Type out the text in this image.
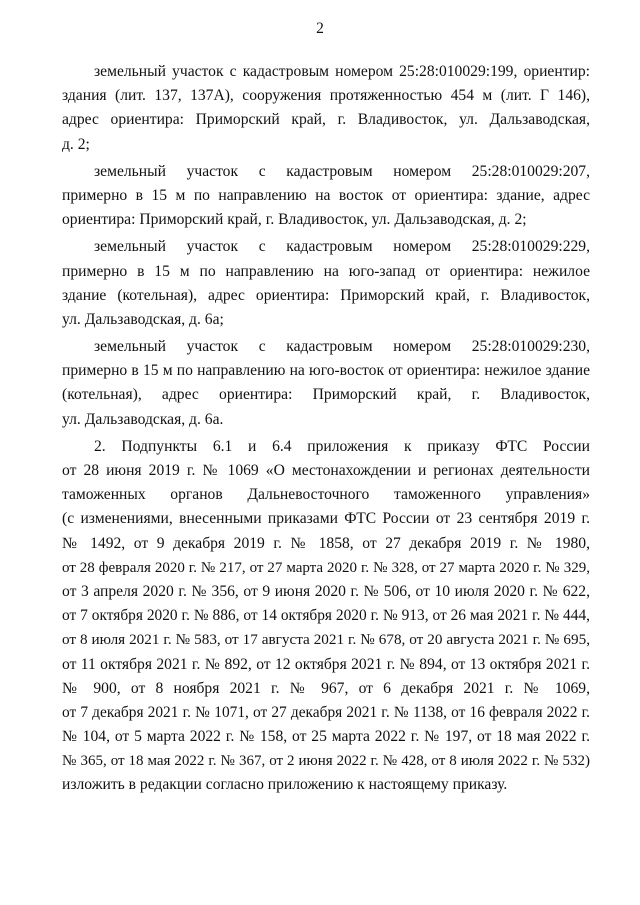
2
земельный участок с кадастровым номером 25:28:010029:199, ориентир:
здания (лит. 137, 137А), сооружения протяженностью 454 м (лит. Г 146),
адрес ориентира: Приморский край, г. Владивосток, ул. Дальзаводская,
д. 2;
земельный участок с кадастровым номером 25:28:010029:207,
примерно в 15 м по направлению на восток от ориентира: здание, адрес
ориентира: Приморский край, г. Владивосток, ул. Дальзаводская, д. 2;
земельный участок с кадастровым номером 25:28:010029:229,
примерно в 15 м по направлению на юго-запад от ориентира: нежилое
здание (котельная), адрес ориентира: Приморский край, г. Владивосток,
ул. Дальзаводская, д. 6а;
земельный участок с кадастровым номером 25:28:010029:230,
примерно в 15 м по направлению на юго-восток от ориентира: нежилое здание
(котельная), адрес ориентира: Приморский край, г. Владивосток,
ул. Дальзаводская, д. 6а.
2. Подпункты 6.1 и 6.4 приложения к приказу ФТС России
от 28 июня 2019 г. № 1069 «О местонахождении и регионах деятельности
таможенных органов Дальневосточного таможенного управления»
(с изменениями, внесенными приказами ФТС России от 23 сентября 2019 г.
№ 1492, от 9 декабря 2019 г. № 1858, от 27 декабря 2019 г. № 1980,
от 28 февраля 2020 г. № 217, от 27 марта 2020 г. № 328, от 27 марта 2020 г. № 329,
от 3 апреля 2020 г. № 356, от 9 июня 2020 г. № 506, от 10 июля 2020 г. № 622,
от 7 октября 2020 г. № 886, от 14 октября 2020 г. № 913, от 26 мая 2021 г. № 444,
от 8 июля 2021 г. № 583, от 17 августа 2021 г. № 678, от 20 августа 2021 г. № 695,
от 11 октября 2021 г. № 892, от 12 октября 2021 г. № 894, от 13 октября 2021 г.
№ 900, от 8 ноября 2021 г. № 967, от 6 декабря 2021 г. № 1069,
от 7 декабря 2021 г. № 1071, от 27 декабря 2021 г. № 1138, от 16 февраля 2022 г.
№ 104, от 5 марта 2022 г. № 158, от 25 марта 2022 г. № 197, от 18 мая 2022 г.
№ 365, от 18 мая 2022 г. № 367, от 2 июня 2022 г. № 428, от 8 июля 2022 г. № 532)
изложить в редакции согласно приложению к настоящему приказу.
